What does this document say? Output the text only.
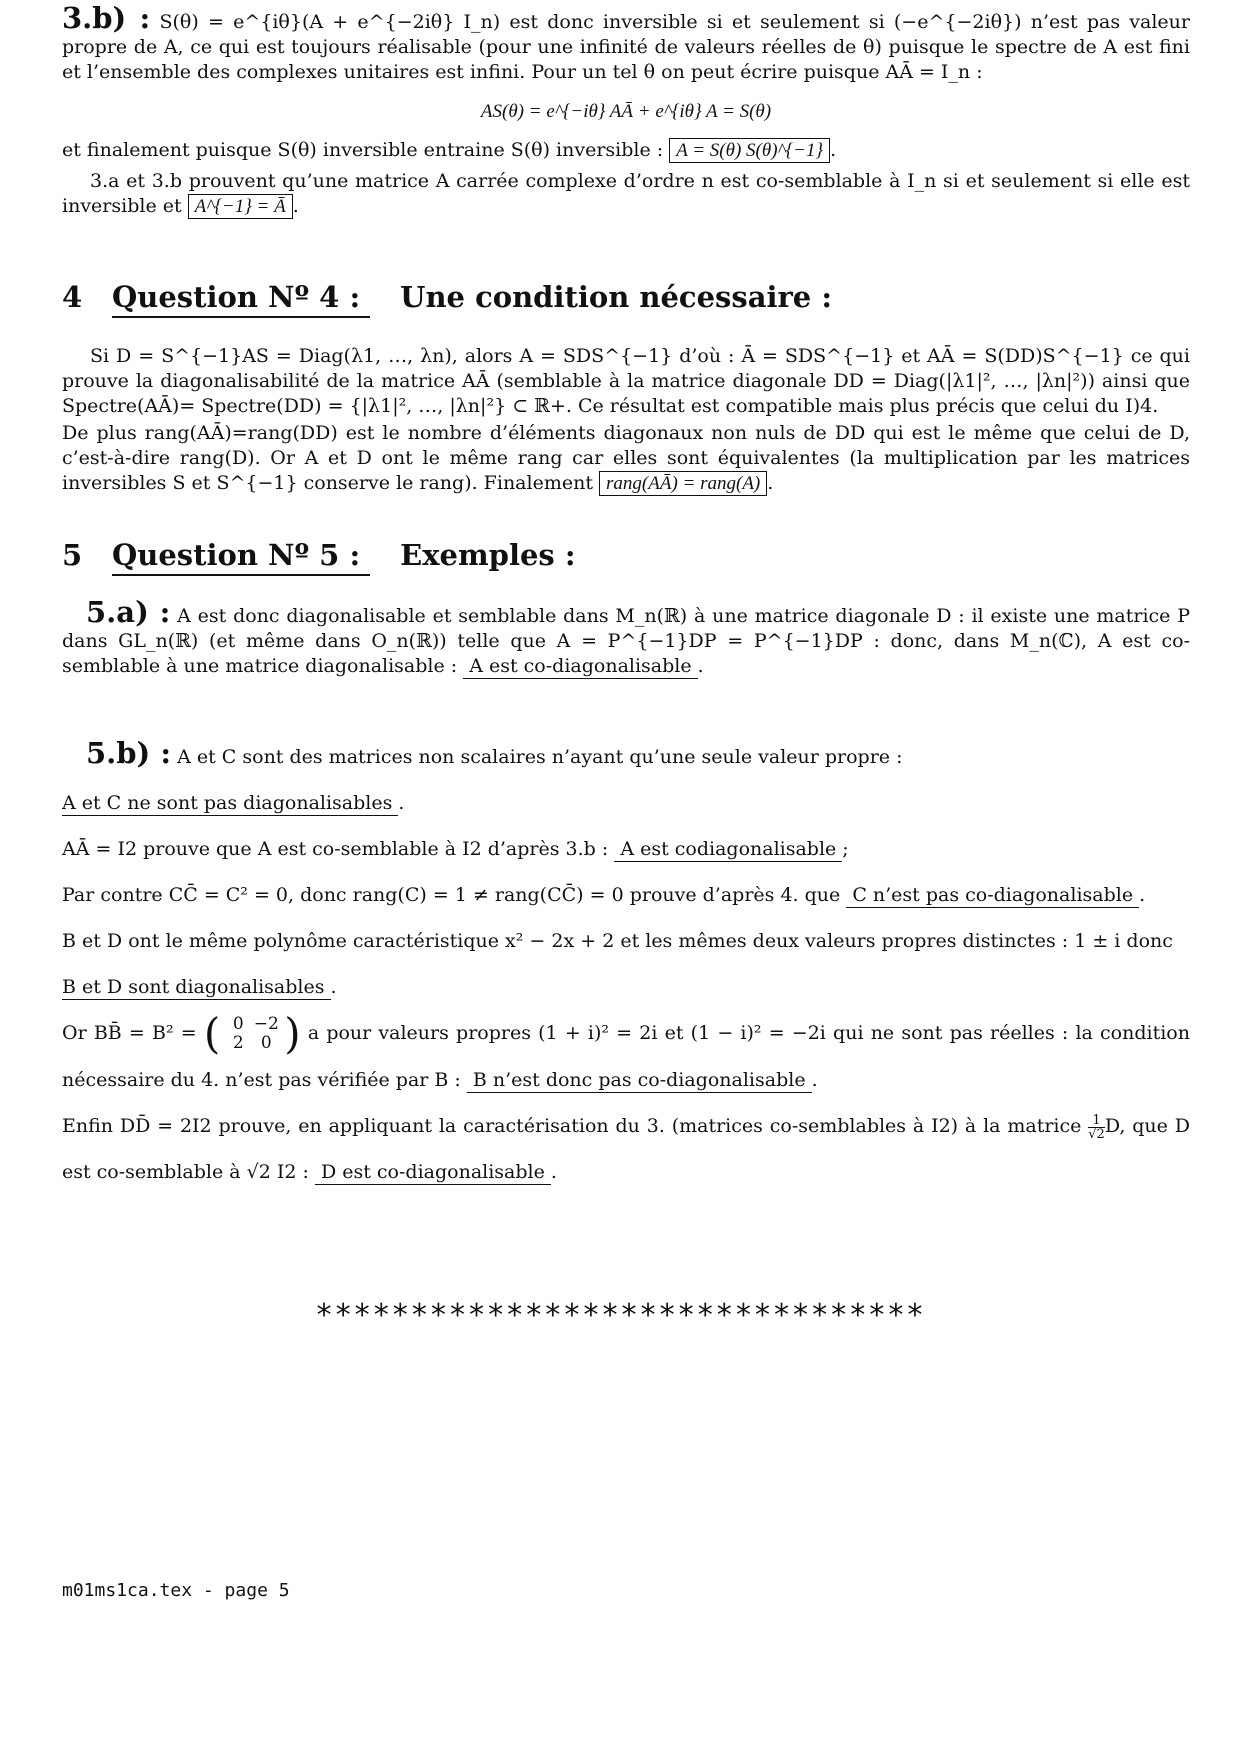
3.b) : S(θ) = e^{iθ}(A + e^{−2iθ} I_n) est donc inversible si et seulement si (−e^{−2iθ}) n’est pas valeur propre de A, ce qui est toujours réalisable (pour une infinité de valeurs réelles de θ) puisque le spectre de A est fini et l’ensemble des complexes unitaires est infini. Pour un tel θ on peut écrire puisque AĀ = I_n :

AS(θ) = e^{−iθ} AĀ + e^{iθ} A = S(θ)

et finalement puisque S(θ) inversible entraine S(θ) inversible : A = S(θ) S(θ)^{−1} .

3.a et 3.b prouvent qu’une matrice A carrée complexe d’ordre n est co-semblable à I_n si et seulement si elle est inversible et A^{−1} = Ā .

4 Question Nº 4 : Une condition nécessaire :

Si D = S^{−1}AS = Diag(λ1, …, λn), alors A = SDS^{−1} d’où : Ā = SDS^{−1} et AĀ = S(DD)S^{−1} ce qui prouve la diagonalisabilité de la matrice AĀ (semblable à la matrice diagonale DD = Diag(|λ1|², …, |λn|²)) ainsi que Spectre(AĀ)= Spectre(DD) = {|λ1|², …, |λn|²} ⊂ ℝ+. Ce résultat est compatible mais plus précis que celui du I)4.

De plus rang(AĀ)=rang(DD) est le nombre d’éléments diagonaux non nuls de DD qui est le même que celui de D, c’est-à-dire rang(D). Or A et D ont le même rang car elles sont équivalentes (la multiplication par les matrices inversibles S et S^{−1} conserve le rang). Finalement rang(AĀ) = rang(A) .

5 Question Nº 5 : Exemples :

5.a) : A est donc diagonalisable et semblable dans M_n(ℝ) à une matrice diagonale D : il existe une matrice P dans GL_n(ℝ) (et même dans O_n(ℝ)) telle que A = P^{−1}DP = P^{−1}DP : donc, dans M_n(ℂ), A est co-semblable à une matrice diagonalisable : A est co-diagonalisable .

5.b) : A et C sont des matrices non scalaires n’ayant qu’une seule valeur propre :

A et C ne sont pas diagonalisables .

AĀ = I2 prouve que A est co-semblable à I2 d’après 3.b : A est codiagonalisable ;

Par contre CC̄ = C² = 0, donc rang(C) = 1 ≠ rang(CC̄) = 0 prouve d’après 4. que C n’est pas co-diagonalisable .

B et D ont le même polynôme caractéristique x² − 2x + 2 et les mêmes deux valeurs propres distinctes : 1 ± i donc

B et D sont diagonalisables .

Or BB̄ = B² = ( 0 −2
2 0 ) a pour valeurs propres (1 + i)² = 2i et (1 − i)² = −2i qui ne sont pas réelles : la condition nécessaire du 4. n’est pas vérifiée par B : B n’est donc pas co-diagonalisable .

Enfin DD̄ = 2I2 prouve, en appliquant la caractérisation du 3. (matrices co-semblables à I2) à la matrice $\frac{1}{√2}D$, que D est co-semblable à √2 I2 : D est co-diagonalisable .

********************************
m01ms1ca.tex - page 5
